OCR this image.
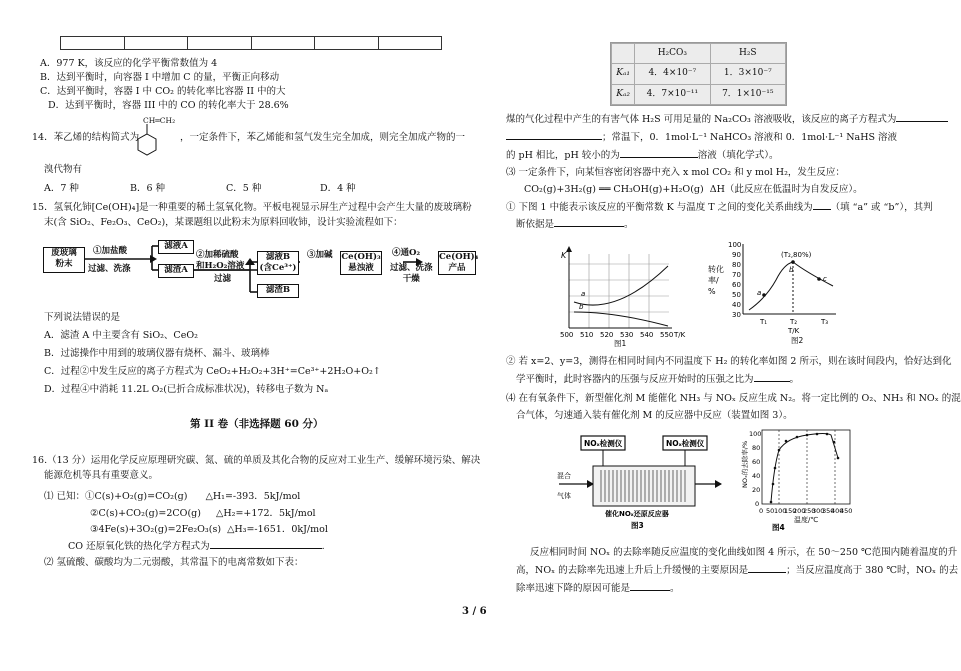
A．977 K，该反应的化学平衡常数值为 4
B．达到平衡时，向容器 I 中增加 C 的量，平衡正向移动
C．达到平衡时，容器 I 中 CO₂ 的转化率比容器 II 中的大
D．达到平衡时，容器 III 中的 CO 的转化率大于 28.6%
14．苯乙烯的结构简式为
CH═CH₂
，一定条件下，苯乙烯能和氢气发生完全加成，则完全加成产物的一
溴代物有
A．7 种	B．6 种	C．5 种	D．4 种
15．氢氧化铈[Ce(OH)₄]是一种重要的稀土氢氧化物。平板电视显示屏生产过程中会产生大量的废玻璃粉
末(含 SiO₂、Fe₂O₃、CeO₂)，某课题组以此粉末为原料回收铈，设计实验流程如下：
废玻璃
粉末
①加盐酸
过滤、洗涤
滤液A
滤渣A
②加稀硫酸
和H₂O₂溶液
过滤
滤液B
(含Ce³⁺)
滤渣B
③加碱 Ce(OH)₃
悬浊液
④通O₂
过滤、洗涤
干燥
Ce(OH)₄
产品
下列说法错误的是
A．滤渣 A 中主要含有 SiO₂、CeO₂
B．过滤操作中用到的玻璃仪器有烧杯、漏斗、玻璃棒
C．过程②中发生反应的离子方程式为 CeO₂+H₂O₂+3H⁺=Ce³⁺+2H₂O+O₂↑
D．过程④中消耗 11.2L O₂(已折合成标准状况)，转移电子数为 Nₐ
第 II 卷（非选择题 60 分）
16.（13 分）运用化学反应原理研究碳、氮、硫的单质及其化合物的反应对工业生产、缓解环境污染、解决
能源危机等具有重要意义。
⑴ 已知：①C(s)+O₂(g)=CO₂(g)      △H₁=-393．5kJ/mol
②C(s)+CO₂(g)=2CO(g)     △H₂=+172．5kJ/mol
③4Fe(s)+3O₂(g)=2Fe₂O₃(s)  △H₃=-1651．0kJ/mol
CO 还原氧化铁的热化学方程式为	.
⑵ 氢硫酸、碳酸均为二元弱酸，其常温下的电离常数如下表：
	H₂CO₃	H₂S
Kₐ₁	4．4×10⁻⁷	1．3×10⁻⁷
Kₐ₂	4．7×10⁻¹¹	7．1×10⁻¹⁵
煤的气化过程中产生的有害气体 H₂S 可用足量的 Na₂CO₃ 溶液吸收，该反应的离子方程式为
；常温下，0．1mol·L⁻¹ NaHCO₃ 溶液和 0．1mol·L⁻¹ NaHS 溶液
的 pH 相比，pH 较小的为	溶液（填化学式）。
⑶ 一定条件下，向某恒容密闭容器中充入 x mol CO₂ 和 y mol H₂，发生反应：
CO₂(g)+3H₂(g) ══ CH₃OH(g)+H₂O(g)  ΔH（此反应在低温时为自发反应）。
① 下图 1 中能表示该反应的平衡常数 K 与温度 T 之间的变化关系曲线为 （填 “a” 或 “b”），其判
断依据是	。
K
a
b
500 510 520 530 540 550 T/K
图1
100
90
80
70
60
50
40
30
转化
率/
%	a
b
c
(T₂,80%)
T₁	T₂	T₃
T/K
图2
② 若 x=2、y=3，测得在相同时间内不同温度下 H₂ 的转化率如图 2 所示，则在该时间段内，恰好达到化
学平衡时，此时容器内的压强与反应开始时的压强之比为	。
⑷ 在有氧条件下，新型催化剂 M 能催化 NH₃ 与 NOₓ 反应生成 N₂。将一定比例的 O₂、NH₃ 和 NOₓ 的混
合气体，匀速通入装有催化剂 M 的反应器中反应（装置如图 3）。
NOₓ检测仪	NOₓ检测仪
混合
气体
催化NOₓ还原反应器
图3
100
80
60
40
20
0
0 50 100
150
200
250
300
350
400
450
NOₓ的去除率/%
温度/℃
图4
反应相同时间 NOₓ 的去除率随反应温度的变化曲线如图 4 所示，在 50～250 ℃范围内随着温度的升
高，NOₓ 的去除率先迅速上升后上升缓慢的主要原因是	；当反应温度高于 380 ℃时，NOₓ 的去
除率迅速下降的原因可能是	。
3 / 6
